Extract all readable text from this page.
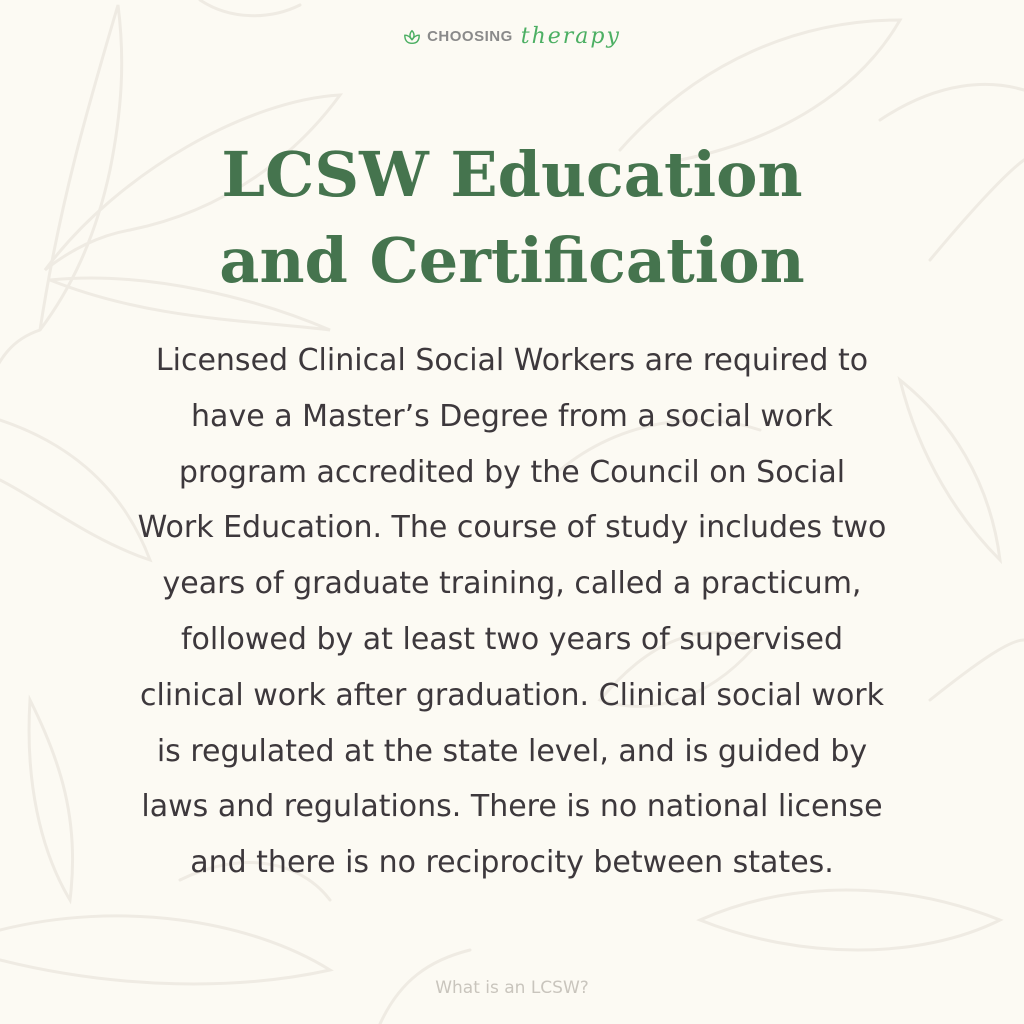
CHOOSING therapy
LCSW Education
and Certification

Licensed Clinical Social Workers are required to
have a Master’s Degree from a social work
program accredited by the Council on Social
Work Education. The course of study includes two
years of graduate training, called a practicum,
followed by at least two years of supervised
clinical work after graduation. Clinical social work
is regulated at the state level, and is guided by
laws and regulations. There is no national license
and there is no reciprocity between states.

What is an LCSW?
